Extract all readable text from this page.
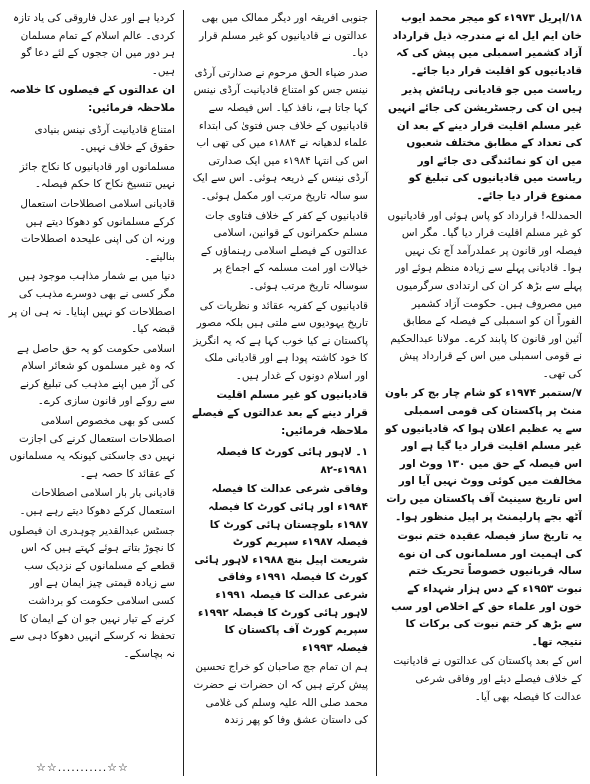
۱۸/اپریل ۱۹۷۳ء کو میجر محمد ایوب خان ایم ایل اے نے مندرجہ ذیل قرارداد آزاد کشمیر اسمبلی میں پیش کی کہ قادیانیوں کو اقلیت قرار دیا جائے۔

ریاست میں جو قادیانی رہائش پذیر ہیں ان کی رجسٹریشن کی جائے انہیں غیر مسلم اقلیت قرار دینے کے بعد ان کی تعداد کے مطابق مختلف شعبوں میں ان کو نمائندگی دی جائے اور ریاست میں قادیانیوں کی تبلیغ کو ممنوع قرار دیا جائے۔

الحمدللہ! قرارداد کو پاس ہوئی اور قادیانیوں کو غیر مسلم اقلیت قرار دیا گیا۔ مگر اس فیصلہ اور قانون پر عملدرآمد آج تک نہیں ہوا۔ قادیانی پہلے سے زیادہ منظم ہوئے اور پہلے سے بڑھ کر ان کی ارتدادی سرگرمیوں میں مصروف ہیں۔ حکومت آزاد کشمیر الفوراً ان کو اسمبلی کے فیصلہ کے مطابق آئین اور قانون کا پابند کرے۔ مولانا عبدالحکیم نے قومی اسمبلی میں اس کے قرارداد پیش کی تھی۔

۷/ستمبر ۱۹۷۴ء کو شام چار بج کر باون منٹ پر پاکستان کی قومی اسمبلی سے یہ عظیم اعلان ہوا کہ قادیانیوں کو غیر مسلم اقلیت قرار دیا گیا ہے اور اس فیصلہ کے حق میں ۱۳۰ ووٹ اور مخالفت میں کوئی ووٹ نہیں آیا اور اس تاریخ سینیٹ آف پاکستان میں رات آٹھ بجے پارلیمنٹ پر اپیل منظور ہوا۔

یہ تاریخ ساز فیصلہ عقیدہ ختم نبوت کی اہمیت اور مسلمانوں کی ان نوے سالہ قربانیوں خصوصاً تحریک ختم نبوت ۱۹۵۳ء کے دس ہزار شہداء کے خون اور علماء حق کے اخلاص اور سب سے بڑھ کر ختم نبوت کی برکات کا نتیجہ تھا۔

اس کے بعد پاکستان کی عدالتوں نے قادیانیت کے خلاف فیصلے دیئے اور وفاقی شرعی عدالت کا فیصلہ بھی آیا۔

جنوبی افریقہ اور دیگر ممالک میں بھی عدالتوں نے قادیانیوں کو غیر مسلم قرار دیا۔

صدر ضیاء الحق مرحوم نے صدارتی آرڈی نینس جس کو امتناع قادیانیت آرڈی نینس کہا جاتا ہے، نافذ کیا۔ اس فیصلہ سے قادیانیوں کے خلاف جس فتویٰ کی ابتداء علماء لدھیانہ نے ۱۸۸۴ء میں کی تھی اب اس کی انتہا ۱۹۸۴ء میں ایک صدارتی آرڈی نینس کے ذریعہ ہوئی۔ اس سے ایک سو سالہ تاریخ مرتب اور مکمل ہوئی۔

قادیانیوں کے کفر کے خلاف فتاوی جات مسلم حکمرانوں کے قوانین، اسلامی عدالتوں کے فیصلے اسلامی رہنماؤں کے خیالات اور امت مسلمہ کے اجماع پر سوسالہ تاریخ مرتب ہوئی۔

قادیانیوں کے کفریہ عقائد و نظریات کی تاریخ یہودیوں سے ملتی ہیں بلکہ مصور پاکستان نے کیا خوب کہا ہے کہ یہ انگریز کا خود کاشتہ پودا ہے اور قادیانی ملک اور اسلام دونوں کے غدار ہیں۔

قادیانیوں کو غیر مسلم اقلیت قرار دینے کے بعد عدالتوں کے فیصلے ملاحظہ فرمائیں:

۱۔ لاہور ہائی کورٹ کا فیصلہ ۱۹۸۱ء-۸۲

وفاقی شرعی عدالت کا فیصلہ ۱۹۸۴ء اور ہائی کورٹ کا فیصلہ ۱۹۸۷ء بلوچستان ہائی کورٹ کا فیصلہ ۱۹۸۷ء سپریم کورٹ شریعت اپیل بنچ ۱۹۸۸ء لاہور ہائی کورٹ کا فیصلہ ۱۹۹۱ء وفاقی شرعی عدالت کا فیصلہ ۱۹۹۱ء لاہور ہائی کورٹ کا فیصلہ ۱۹۹۲ء سپریم کورٹ آف پاکستان کا فیصلہ ۱۹۹۳ء

ہم ان تمام جج صاحبان کو خراج تحسین پیش کرتے ہیں کہ ان حضرات نے حضرت محمد صلی اللہ علیہ وسلم کی غلامی کی داستان عشق وفا کو پھر زندہ

کردیا ہے اور عدل فاروقی کی یاد تازہ کردی۔ عالم اسلام کے تمام مسلمان ہر دور میں ان ججوں کے لئے دعا گو ہیں۔

ان عدالتوں کے فیصلوں کا خلاصہ ملاحظہ فرمائیں:

امتناع قادیانیت آرڈی نینس بنیادی حقوق کے خلاف نہیں۔

مسلمانوں اور قادیانیوں کا نکاح جائز نہیں تنسیخ نکاح کا حکم فیصلہ۔

قادیانی اسلامی اصطلاحات استعمال کرکے مسلمانوں کو دھوکا دیتے ہیں ورنہ ان کی اپنی علیحدہ اصطلاحات بنالیتے۔

دنیا میں بے شمار مذاہب موجود ہیں مگر کسی نے بھی دوسرے مذہب کی اصطلاحات کو نہیں اپنایا۔ نہ ہی ان پر قبضہ کیا۔

اسلامی حکومت کو یہ حق حاصل ہے کہ وہ غیر مسلموں کو شعائر اسلام کی آڑ میں اپنے مذہب کی تبلیغ کرنے سے روکے اور قانون سازی کرے۔

کسی کو بھی مخصوص اسلامی اصطلاحات استعمال کرنے کی اجازت نہیں دی جاسکتی کیونکہ یہ مسلمانوں کے عقائد کا حصہ ہے۔

قادیانی بار بار اسلامی اصطلاحات استعمال کرکے دھوکا دیتے رہے ہیں۔

جسٹس عبدالقدیر چوہدری ان فیصلوں کا نچوڑ بتاتے ہوئے کہتے ہیں کہ اس قطعے کے مسلمانوں کے نزدیک سب سے زیادہ قیمتی چیز ایمان ہے اور کسی اسلامی حکومت کو برداشت کرنے کے تیار نہیں جو ان کے ایمان کا تحفظ نہ کرسکے انہیں دھوکا دہی سے نہ بچاسکے۔

☆☆...........☆☆
